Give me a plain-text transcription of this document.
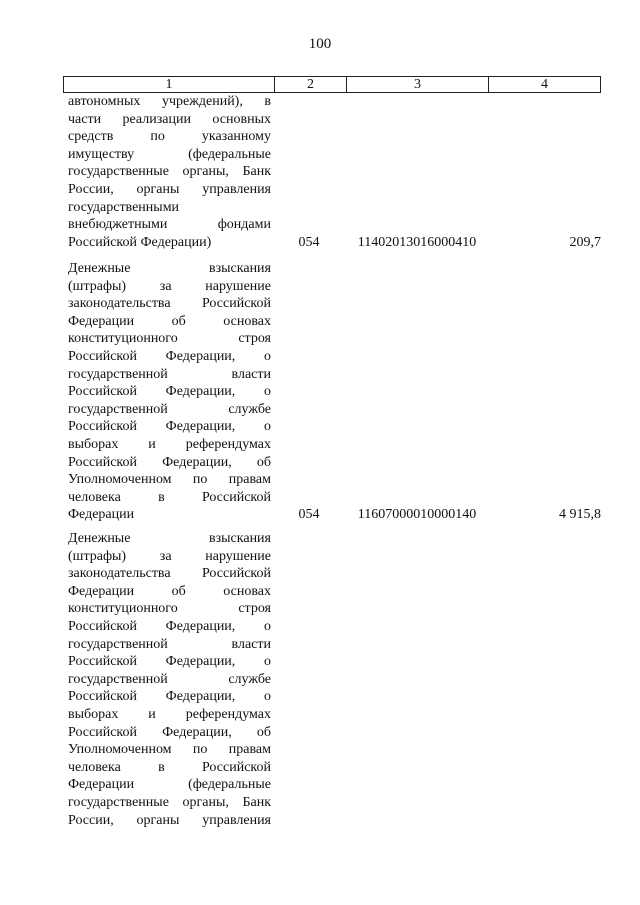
100
1	2	3	4
автономных учреждений), в
части реализации основных
средств по указанному
имуществу (федеральные
государственные органы, Банк
России, органы управления
государственными
внебюджетными фондами
Российской Федерации)	054	11402013016000410	209,7
Денежные взыскания
(штрафы) за нарушение
законодательства Российской
Федерации об основах
конституционного строя
Российской Федерации, о
государственной власти
Российской Федерации, о
государственной службе
Российской Федерации, о
выборах и референдумах
Российской Федерации, об
Уполномоченном по правам
человека в Российской
Федерации	054	11607000010000140	4 915,8
Денежные взыскания
(штрафы) за нарушение
законодательства Российской
Федерации об основах
конституционного строя
Российской Федерации, о
государственной власти
Российской Федерации, о
государственной службе
Российской Федерации, о
выборах и референдумах
Российской Федерации, об
Уполномоченном по правам
человека в Российской
Федерации (федеральные
государственные органы, Банк
России, органы управления
